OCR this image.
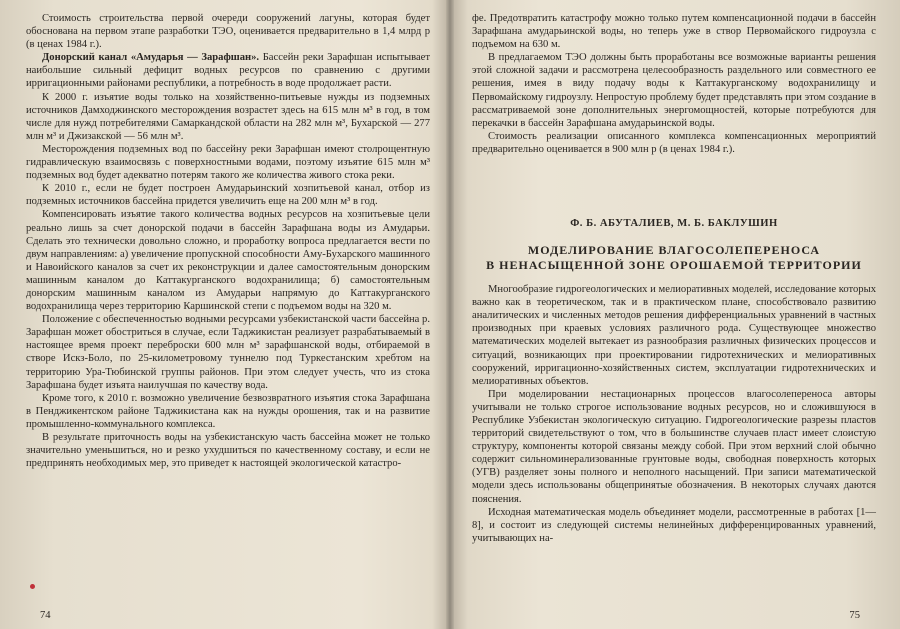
Стоимость строительства первой очереди сооружений лагуны, которая будет обоснована на первом этапе разработки ТЭО, оценивается предварительно в 1,4 млрд р (в ценах 1984 г.).

Донорский канал «Амударья — Зарафшан». Бассейн реки Зарафшан испытывает наибольшие сильный дефицит водных ресурсов по сравнению с другими ирригационными районами республики, а потребность в воде продолжает расти.

К 2000 г. изъятие воды только на хозяйственно-питьевые нужды из подземных источников Дамходжинского месторождения возрастет здесь на 615 млн м³ в год, в том числе для нужд потребителями Самаркандской области на 282 млн м³, Бухарской — 277 млн м³ и Джизакской — 56 млн м³.

Месторождения подземных вод по бассейну реки Зарафшан имеют столрощентную гидравлическую взаимосвязь с поверхностными водами, поэтому изъятие 615 млн м³ подземных вод будет адекватно потерям такого же количества живого стока реки.

К 2010 г., если не будет построен Амударьинский хозпитьевой канал, отбор из подземных источников бассейна придется увеличить еще на 200 млн м³ в год.

Компенсировать изъятие такого количества водных ресурсов на хозпитьевые цели реально лишь за счет донорской подачи в бассейн Зарафшана воды из Амударьи. Сделать это технически довольно сложно, и проработку вопроса предлагается вести по двум направлениям: а) увеличение пропускной способности Аму-Бухарского машинного и Навоийского каналов за счет их реконструкции и далее самостоятельным донорским машинным каналом до Каттакурганского водохранилища; б) самостоятельным донорским машинным каналом из Амударьи напрямую до Каттакурганского водохранилища через территорию Каршинской степи с подъемом воды на 320 м.

Положение с обеспеченностью водными ресурсами узбекистанской части бассейна р. Зарафшан может обостриться в случае, если Таджикистан реализует разрабатываемый в настоящее время проект переброски 600 млн м³ зарафшанской воды, отбираемой в створе Искз-Боло, по 25-километровому туннелю под Туркестанским хребтом на территорию Ура-Тюбинской группы районов. При этом следует учесть, что из стока Зарафшана будет изъята наилучшая по качеству вода.

Кроме того, к 2010 г. возможно увеличение безвозвратного изъятия стока Зарафшана в Пенджикентском районе Таджикистана как на нужды орошения, так и на развитие промышленно-коммунального комплекса.

В результате приточность воды на узбекистанскую часть бассейна может не только значительно уменьшиться, но и резко ухудшиться по качественному составу, и если не предпринять необходимых мер, это приведет к настоящей экологической катастро-

74

фе. Предотвратить катастрофу можно только путем компенсационной подачи в бассейн Зарафшана амударьинской воды, но теперь уже в створ Первомайского гидроузла с подъемом на 630 м.

В предлагаемом ТЭО должны быть проработаны все возможные варианты решения этой сложной задачи и рассмотрена целесообразность раздельного или совместного ее решения, имея в виду подачу воды к Каттакурганскому водохранилищу и Первомайскому гидроузлу. Непростую проблему будет представлять при этом создание в рассматриваемой зоне дополнительных энергомощностей, которые потребуются для перекачки в бассейн Зарафшана амударьинской воды.

Стоимость реализации описанного комплекса компенсационных мероприятий предварительно оценивается в 900 млн р (в ценах 1984 г.).

Ф. Б. АБУТАЛИЕВ, М. Б. БАКЛУШИН
МОДЕЛИРОВАНИЕ ВЛАГОСОЛЕПЕРЕНОСА
В НЕНАСЫЩЕННОЙ ЗОНЕ ОРОШАЕМОЙ ТЕРРИТОРИИ

Многообразие гидрогеологических и мелиоративных моделей, исследование которых важно как в теоретическом, так и в практическом плане, способствовало развитию аналитических и численных методов решения дифференциальных уравнений в частных производных при краевых условиях различного рода. Существующее множество математических моделей вытекает из разнообразия различных физических процессов и ситуаций, возникающих при проектировании гидротехнических и мелиоративных сооружений, ирригационно-хозяйственных систем, эксплуатации гидротехнических и мелиоративных объектов.

При моделировании нестационарных процессов влагосолепереноса авторы учитывали не только строгое использование водных ресурсов, но и сложившуюся в Республике Узбекистан экологическую ситуацию. Гидрогеологические разрезы пластов территорий свидетельствуют о том, что в большинстве случаев пласт имеет слоистую структуру, компоненты которой связаны между собой. При этом верхний слой обычно содержит сильноминерализованные грунтовые воды, свободная поверхность которых (УГВ) разделяет зоны полного и неполного насыщений. При записи математической модели здесь использованы общепринятые обозначения. В некоторых случаях даются пояснения.

Исходная математическая модель объединяет модели, рассмотренные в работах [1—8], и состоит из следующей системы нелинейных дифференцированных уравнений, учитывающих на-

75
